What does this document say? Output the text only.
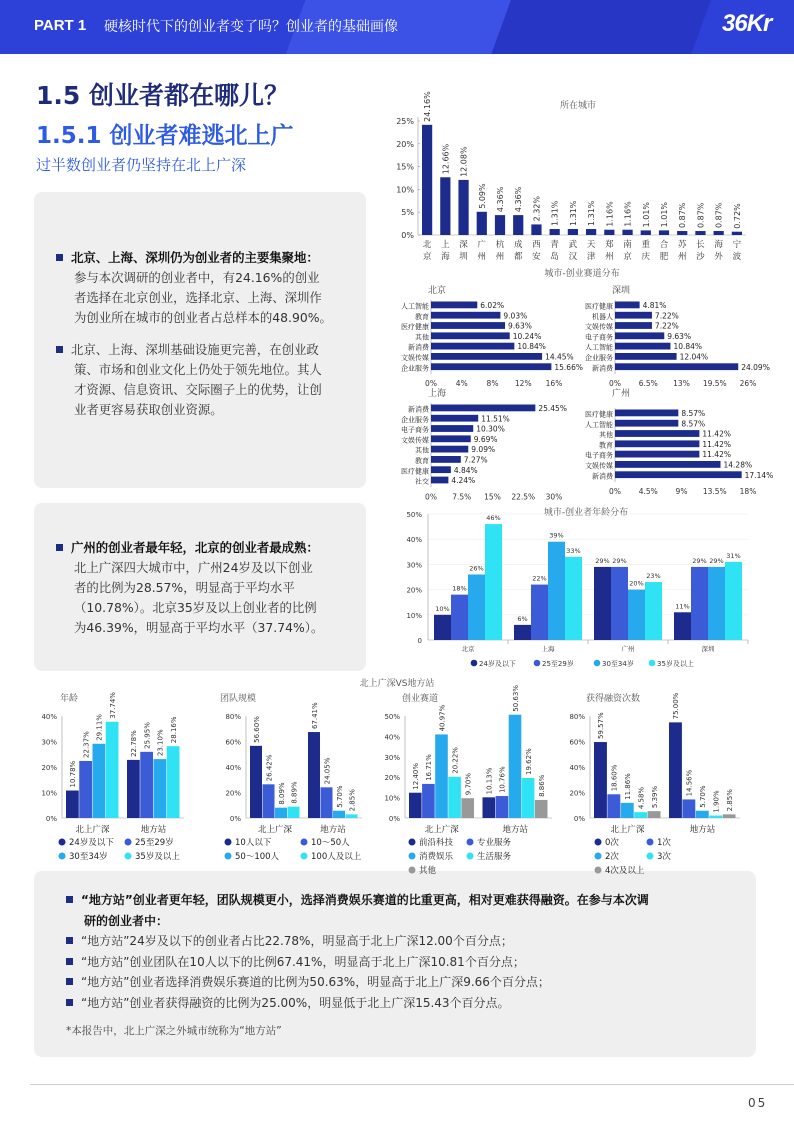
PART 1 硬核时代下的创业者变了吗？创业者的基础画像	36Kr
1.5 创业者都在哪儿？
1.5.1 创业者难逃北上广
过半数创业者仍坚持在北上广深
北京、上海、深圳仍为创业者的主要集聚地：
参与本次调研的创业者中，有24.16%的创业
者选择在北京创业，选择北京、上海、深圳作
为创业所在城市的创业者占总样本的48.90%。
北京、上海、深圳基础设施更完善，在创业政
策、市场和创业文化上仍处于领先地位。其人
才资源、信息资讯、交际圈子上的优势，让创
业者更容易获取创业资源。
广州的创业者最年轻，北京的创业者最成熟：
北上广深四大城市中，广州24岁及以下创业
者的比例为28.57%，明显高于平均水平
（10.78%）。北京35岁及以上创业者的比例
为46.39%，明显高于平均水平（37.74%）。
“地方站”创业者更年轻，团队规模更小，选择消费娱乐赛道的比重更高，相对更难获得融资。在参与本次调
研的创业者中：
“地方站”24岁及以下的创业者占比22.78%，明显高于北上广深12.00个百分点；
“地方站”创业团队在10人以下的比例67.41%，明显高于北上广深10.81个百分点；
“地方站”创业者选择消费娱乐赛道的比例为50.63%，明显高于北上广深9.66个百分点；
“地方站”创业者获得融资的比例为25.00%，明显低于北上广深15.43个百分点。
*本报告中，北上广深之外城市统称为“地方站”
所在城市
0%
5%
10%
15%
20%
25% 24.16%
北
京
12.66%
上
海
12.08%
深
圳
5.09%
广
州
4.36%
杭
州
4.36%
成
都
2.32%
西
安
1.31%
青
岛
1.31%
武
汉
1.31%
天
津
1.16%
郑
州
1.16%
南
京
1.01%
重
庆
1.01%
合
肥
0.87%
苏
州
0.87%
长
沙
0.87%
海
外
0.72%
宁
波
城市-创业赛道分布
北京
人工智能	6.02%
教育	9.03%
医疗健康	9.63%
其他	10.24%
新消费	10.84%
文娱传媒	14.45%
企业服务	15.66%
0%	4%	8% 12% 16%
深圳
医疗健康	4.81%
机器人	7.22%
文娱传媒	7.22%
电子商务	9.63%
人工智能	10.84%
企业服务	12.04%
新消费	24.09%
0% 6.5% 13% 19.5% 26%
上海
新消费	25.45%
企业服务	11.51%
电子商务	10.30%
文娱传媒	9.69%
其他	9.09%
教育	7.27%
医疗健康	4.84%
社交	4.24%
0% 7.5% 15% 22.5% 30%
广州
医疗健康	8.57%
人工智能	8.57%
其他	11.42%
教育	11.42%
电子商务	11.42%
文娱传媒	14.28%
新消费	17.14%
0% 4.5% 9% 13.5% 18%
城市-创业者年龄分布
0
10%
20%
30%
40%
50%
10%
18%
26%
46%
北京
6%
22%
39%
33%
上海
29% 29%
20%
23%
广州
11%
29% 29%
31%
深圳
24岁及以下	25至29岁	30至34岁	35岁及以上
北上广深VS地方站
年龄
0%
10%
20%
30%
40%
10.78%
22.37%
29.11%
37.74%
北上广深
22.78% 25.95% 23.10% 28.16%
地方站
24岁及以下 25至29岁
30至34岁	35岁及以上
团队规模
0%
20%
40%
60%
80% 56.60%
26.42%
8.09% 8.89%
北上广深
67.41%
24.05%
5.70% 2.85%
地方站
10人以下	10～50人
50～100人	100人及以上
创业赛道
0%
10%
20%
30%
40%
50%
12.40% 16.71%
40.97%
20.22%
9.70%
北上广深
10.13% 10.76%
50.63%
19.62%
8.86%
地方站
前沿科技	专业服务
消费娱乐	生活服务
其他
获得融资次数
0%
20%
40%
60%
80% 59.57%
18.60% 11.86% 4.58% 5.39%
北上广深
75.00%
14.56%
5.70% 1.90% 2.85%
地方站
0次	1次
2次	3次
4次及以上
05
